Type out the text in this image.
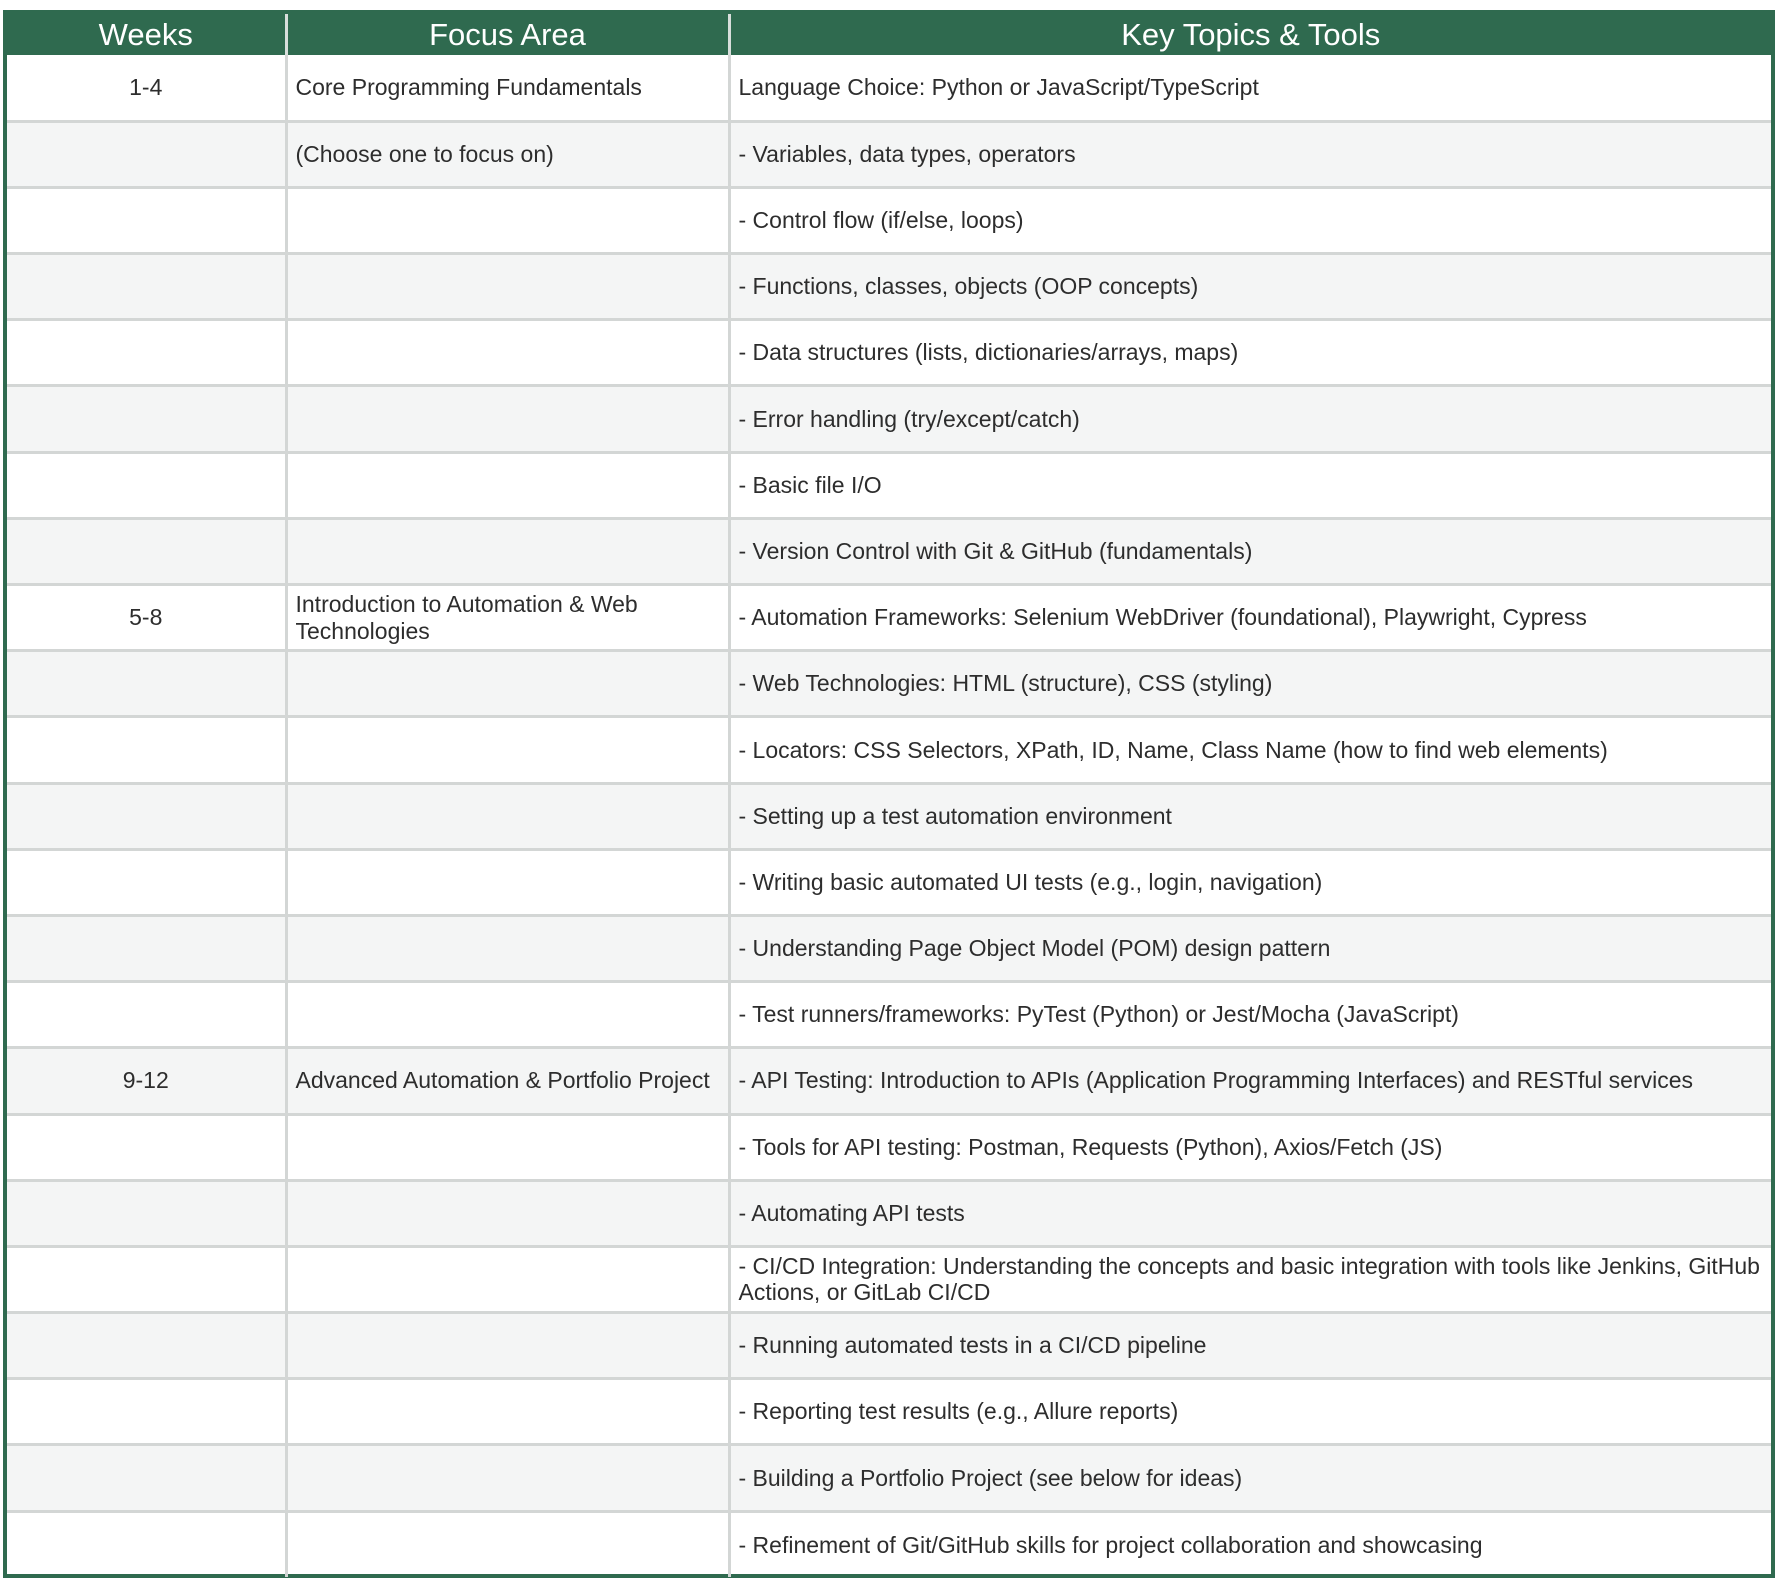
Weeks	Focus Area	Key Topics & Tools
1-4	Core Programming Fundamentals	Language Choice: Python or JavaScript/TypeScript
	(Choose one to focus on)	- Variables, data types, operators
		- Control flow (if/else, loops)
		- Functions, classes, objects (OOP concepts)
		- Data structures (lists, dictionaries/arrays, maps)
		- Error handling (try/except/catch)
		- Basic file I/O
		- Version Control with Git & GitHub (fundamentals)
5-8	Introduction to Automation & Web Technologies	- Automation Frameworks: Selenium WebDriver (foundational), Playwright, Cypress
		- Web Technologies: HTML (structure), CSS (styling)
		- Locators: CSS Selectors, XPath, ID, Name, Class Name (how to find web elements)
		- Setting up a test automation environment
		- Writing basic automated UI tests (e.g., login, navigation)
		- Understanding Page Object Model (POM) design pattern
		- Test runners/frameworks: PyTest (Python) or Jest/Mocha (JavaScript)
9-12	Advanced Automation & Portfolio Project	- API Testing: Introduction to APIs (Application Programming Interfaces) and RESTful services
		- Tools for API testing: Postman, Requests (Python), Axios/Fetch (JS)
		- Automating API tests
		- CI/CD Integration: Understanding the concepts and basic integration with tools like Jenkins, GitHub Actions, or GitLab CI/CD
		- Running automated tests in a CI/CD pipeline
		- Reporting test results (e.g., Allure reports)
		- Building a Portfolio Project (see below for ideas)
		- Refinement of Git/GitHub skills for project collaboration and showcasing
